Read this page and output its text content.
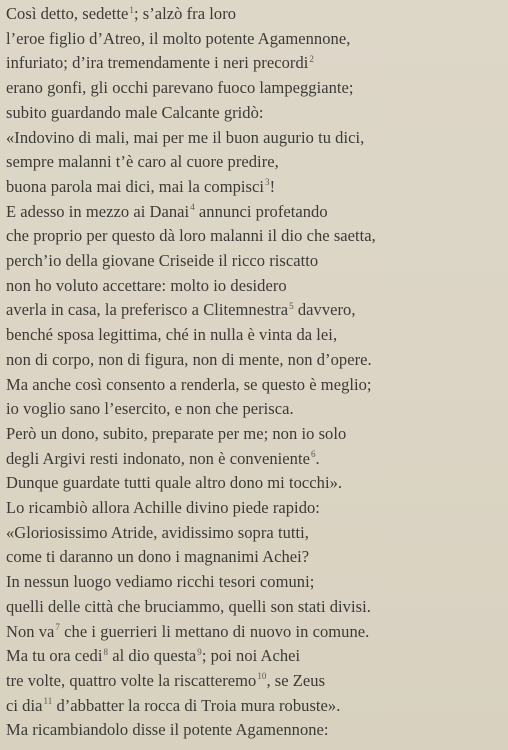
Così detto, sedette$^1$; s’alzò fra loro
l’eroe figlio d’Atreo, il molto potente Agamennone,
infuriato; d’ira tremendamente i neri precordi$^2$
erano gonfi, gli occhi parevano fuoco lampeggiante;
subito guardando male Calcante gridò:
«Indovino di mali, mai per me il buon augurio tu dici,
sempre malanni t’è caro al cuore predire,
buona parola mai dici, mai la compisci$^3$!
E adesso in mezzo ai Danai$^4$ annunci profetando
che proprio per questo dà loro malanni il dio che saetta,
perch’io della giovane Criseide il ricco riscatto
non ho voluto accettare: molto io desidero
averla in casa, la preferisco a Clitemnestra$^5$ davvero,
benché sposa legittima, ché in nulla è vinta da lei,
non di corpo, non di figura, non di mente, non d’opere.
Ma anche così consento a renderla, se questo è meglio;
io voglio sano l’esercito, e non che perisca.
Però un dono, subito, preparate per me; non io solo
degli Argivi resti indonato, non è conveniente$^6$.
Dunque guardate tutti quale altro dono mi tocchi».
Lo ricambiò allora Achille divino piede rapido:
«Gloriosissimo Atride, avidissimo sopra tutti,
come ti daranno un dono i magnanimi Achei?
In nessun luogo vediamo ricchi tesori comuni;
quelli delle città che bruciammo, quelli son stati divisi.
Non $va^7$ che i guerrieri li mettano di nuovo in comune.
Ma tu ora cedi$^8$ al dio questa$^9$; poi noi Achei
tre volte, quattro volte la riscatteremo$^{10}$, se Zeus
ci dia$^{11}$ d’abbatter la rocca di Troia mura robuste».
Ma ricambiandolo disse il potente Agamennone:
